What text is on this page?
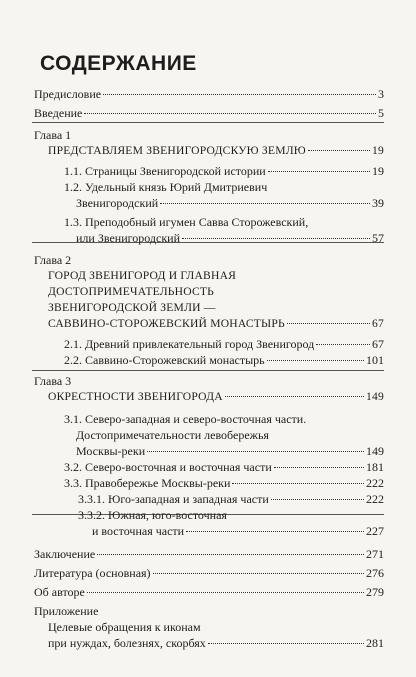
СОДЕРЖАНИЕ
Предисловие	3
Введение	5
Глава 1
ПРЕДСТАВЛЯЕМ ЗВЕНИГОРОДСКУЮ ЗЕМЛЮ	19
1.1. Страницы Звенигородской истории	19
1.2. Удельный князь Юрий Дмитриевич
Звенигородский	39
1.3. Преподобный игумен Савва Сторожевский,
или Звенигородский	57
Глава 2
ГОРОД ЗВЕНИГОРОД И ГЛАВНАЯ
ДОСТОПРИМЕЧАТЕЛЬНОСТЬ
ЗВЕНИГОРОДСКОЙ ЗЕМЛИ —
САВВИНО-СТОРОЖЕВСКИЙ МОНАСТЫРЬ	67
2.1. Древний привлекательный город Звенигород	67
2.2. Саввино-Сторожевский монастырь	101
Глава 3
ОКРЕСТНОСТИ ЗВЕНИГОРОДА	149
3.1. Северо-западная и северо-восточная части.
Достопримечательности левобережья
Москвы-реки	149
3.2. Северо-восточная и восточная части	181
3.3. Правобережье Москвы-реки	222
3.3.1. Юго-западная и западная части	222
3.3.2. Южная, юго-восточная
и восточная части	227
Заключение	271
Литература (основная)	276
Об авторе	279
Приложение
Целевые обращения к иконам
при нуждах, болезнях, скорбях	281
